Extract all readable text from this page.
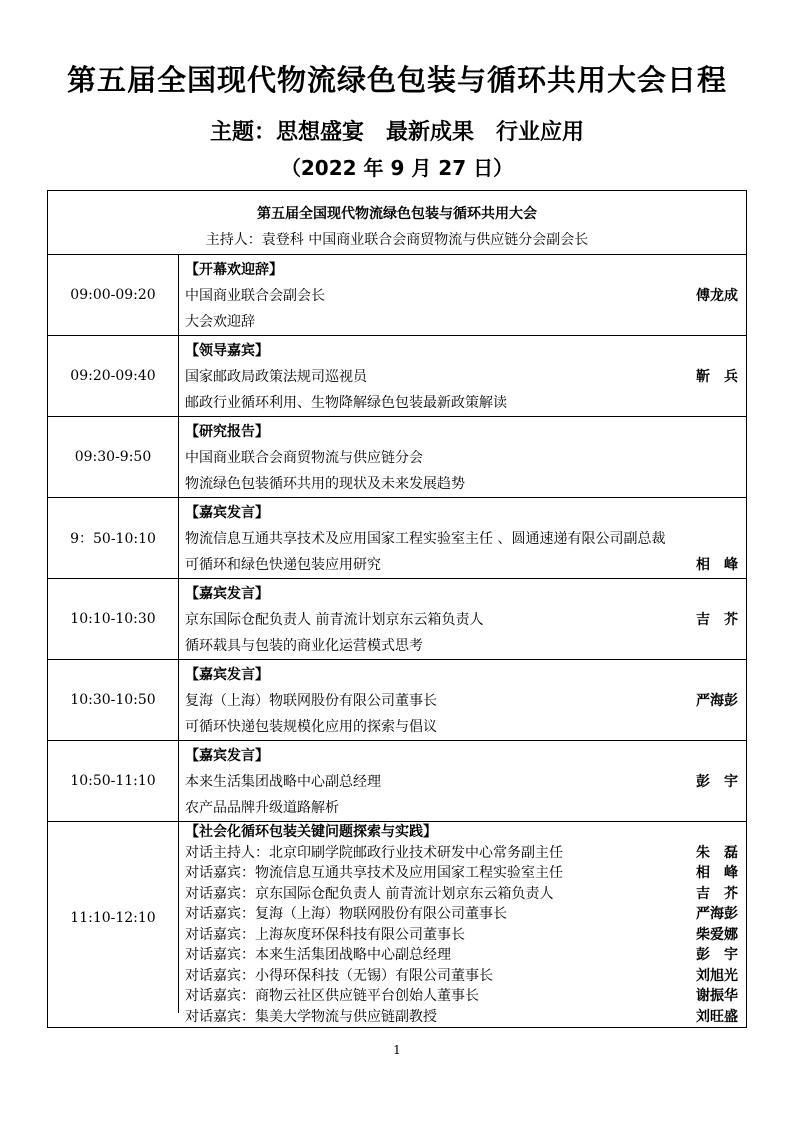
第五届全国现代物流绿色包装与循环共用大会日程
主题：思想盛宴　最新成果　行业应用
（2022 年 9 月 27 日）
第五届全国现代物流绿色包装与循环共用大会
主持人：袁登科 中国商业联合会商贸物流与供应链分会副会长
09:00-09:20
【开幕欢迎辞】
中国商业联合会副会长	傅龙成
大会欢迎辞
09:20-09:40
【领导嘉宾】
国家邮政局政策法规司巡视员	靳　兵
邮政行业循环利用、生物降解绿色包装最新政策解读
09:30-9:50
【研究报告】
中国商业联合会商贸物流与供应链分会
物流绿色包装循环共用的现状及未来发展趋势
9：50-10:10
【嘉宾发言】
物流信息互通共享技术及应用国家工程实验室主任 、圆通速递有限公司副总裁
可循环和绿色快递包装应用研究	相　峰
10:10-10:30
【嘉宾发言】
京东国际仓配负责人 前青流计划京东云箱负责人	吉　芥
循环载具与包装的商业化运营模式思考
10:30-10:50
【嘉宾发言】
复海（上海）物联网股份有限公司董事长	严海彭
可循环快递包装规模化应用的探索与倡议
10:50-11:10
【嘉宾发言】
本来生活集团战略中心副总经理	彭　宇
农产品品牌升级道路解析
11:10-12:10
【社会化循环包装关键问题探索与实践】
对话主持人：北京印刷学院邮政行业技术研发中心常务副主任	朱　磊
对话嘉宾：物流信息互通共享技术及应用国家工程实验室主任	相　峰
对话嘉宾：京东国际仓配负责人 前青流计划京东云箱负责人	吉　芥
对话嘉宾：复海（上海）物联网股份有限公司董事长	严海彭
对话嘉宾：上海灰度环保科技有限公司董事长	柴爱娜
对话嘉宾：本来生活集团战略中心副总经理	彭　宇
对话嘉宾：小得环保科技（无锡）有限公司董事长	刘旭光
对话嘉宾：商物云社区供应链平台创始人董事长	谢振华
对话嘉宾：集美大学物流与供应链副教授	刘旺盛
1
